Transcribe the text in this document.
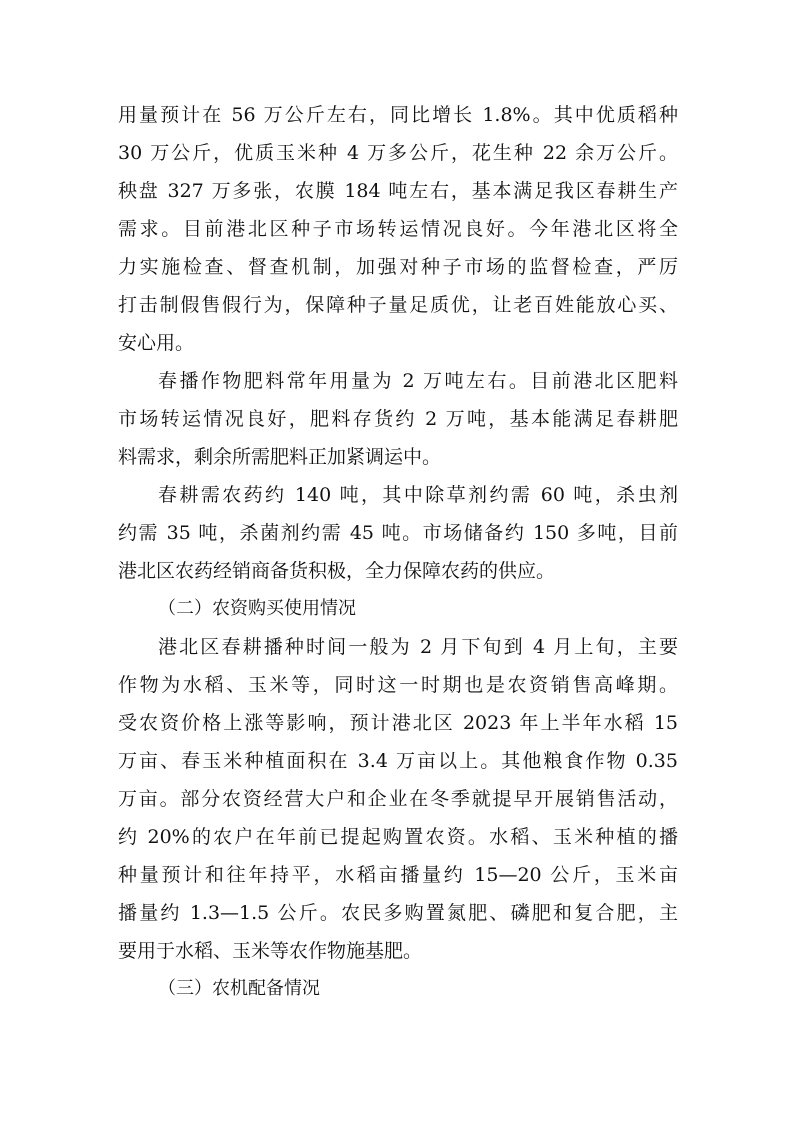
用量预计在 56 万公斤左右，同比增长 1.8%。其中优质稻种
30 万公斤，优质玉米种 4 万多公斤，花生种 22 余万公斤。
秧盘 327 万多张，农膜 184 吨左右，基本满足我区春耕生产
需求。目前港北区种子市场转运情况良好。今年港北区将全
力实施检查、督查机制，加强对种子市场的监督检查，严厉
打击制假售假行为，保障种子量足质优，让老百姓能放心买、
安心用。
春播作物肥料常年用量为 2 万吨左右。目前港北区肥料
市场转运情况良好，肥料存货约 2 万吨，基本能满足春耕肥
料需求，剩余所需肥料正加紧调运中。
春耕需农药约 140 吨，其中除草剂约需 60 吨，杀虫剂
约需 35 吨，杀菌剂约需 45 吨。市场储备约 150 多吨，目前
港北区农药经销商备货积极，全力保障农药的供应。
（二）农资购买使用情况
港北区春耕播种时间一般为 2 月下旬到 4 月上旬，主要
作物为水稻、玉米等，同时这一时期也是农资销售高峰期。
受农资价格上涨等影响，预计港北区 2023 年上半年水稻 15
万亩、春玉米种植面积在 3.4 万亩以上。其他粮食作物 0.35
万亩。部分农资经营大户和企业在冬季就提早开展销售活动，
约 20%的农户在年前已提起购置农资。水稻、玉米种植的播
种量预计和往年持平，水稻亩播量约 15—20 公斤，玉米亩
播量约 1.3—1.5 公斤。农民多购置氮肥、磷肥和复合肥，主
要用于水稻、玉米等农作物施基肥。
（三）农机配备情况
